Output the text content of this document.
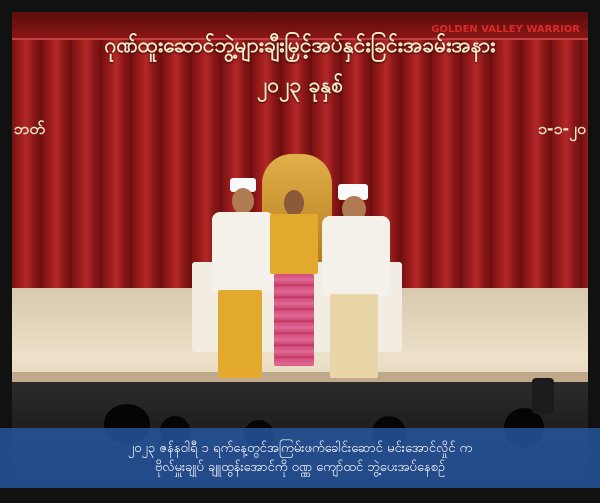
ဂုဏ်ထူးဆောင်ဘွဲ့များချီးမြှင့်အပ်နှင်းခြင်းအခမ်းအနား
၂၀၂၃ ခုနှစ်
ဘတ်	၁-၁-၂၀
GOLDEN VALLEY WARRIOR
၂၀၂၃ ဇန်နဝါရီ ၁ ရက်နေ့တွင်အကြမ်းဖက်ခေါင်းဆောင် မင်းအောင်လှိုင် က
ဗိုလ်မှူးချုပ် ချူထွန်းအောင်ကို ဝဏ္ဏ ကျော်ထင် ဘွဲ့ပေးအပ်နေစဉ်
